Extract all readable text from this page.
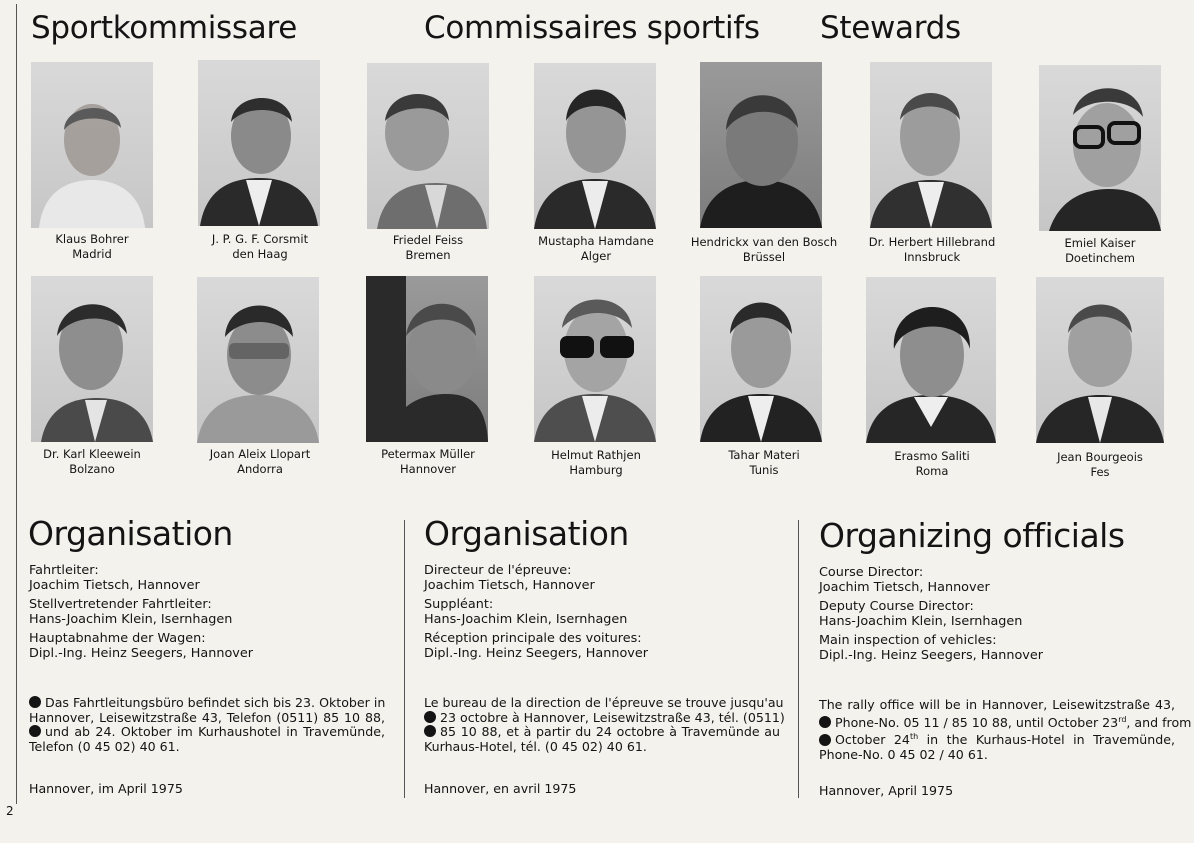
Sportkommissare	Commissaires sportifs Stewards
Klaus Bohrer
Madrid
J. P. G. F. Corsmit
den Haag
Friedel Feiss
Bremen
Mustapha Hamdane
Alger
Hendrickx van den Bosch
Brüssel
Dr. Herbert Hillebrand
Innsbruck
Emiel Kaiser
Doetinchem
Dr. Karl Kleewein
Bolzano
Joan Aleix Llopart
Andorra
Petermax Müller
Hannover
Helmut Rathjen
Hamburg
Tahar Materi
Tunis
Erasmo Saliti
Roma
Jean Bourgeois
Fes
Organisation
Fahrtleiter:
Joachim Tietsch, Hannover
Stellvertretender Fahrtleiter:
Hans-Joachim Klein, Isernhagen
Hauptabnahme der Wagen:
Dipl.-Ing. Heinz Seegers, Hannover
Das Fahrtleitungsbüro befindet sich bis 23. Oktober in
Hannover, Leisewitzstraße 43, Telefon (0511) 85 10 88,
und ab 24. Oktober im Kurhaushotel in Travemünde,
Telefon (0 45 02) 40 61.
Hannover, im April 1975
Organisation
Directeur de l'épreuve:
Joachim Tietsch, Hannover
Suppléant:
Hans-Joachim Klein, Isernhagen
Réception principale des voitures:
Dipl.-Ing. Heinz Seegers, Hannover
Le bureau de la direction de l'épreuve se trouve jusqu'au
23 octobre à Hannover, Leisewitzstraße 43, tél. (0511)
85 10 88, et à partir du 24 octobre à Travemünde au
Kurhaus-Hotel, tél. (0 45 02) 40 61.
Hannover, en avril 1975
Organizing officials
Course Director:
Joachim Tietsch, Hannover
Deputy Course Director:
Hans-Joachim Klein, Isernhagen
Main inspection of vehicles:
Dipl.-Ing. Heinz Seegers, Hannover
The rally office will be in Hannover, Leisewitzstraße 43,
Phone-No. 05 11 / 85 10 88, until October 23rd, and from
October 24th in the Kurhaus-Hotel in Travemünde,
Phone-No. 0 45 02 / 40 61.
Hannover, April 1975
2
